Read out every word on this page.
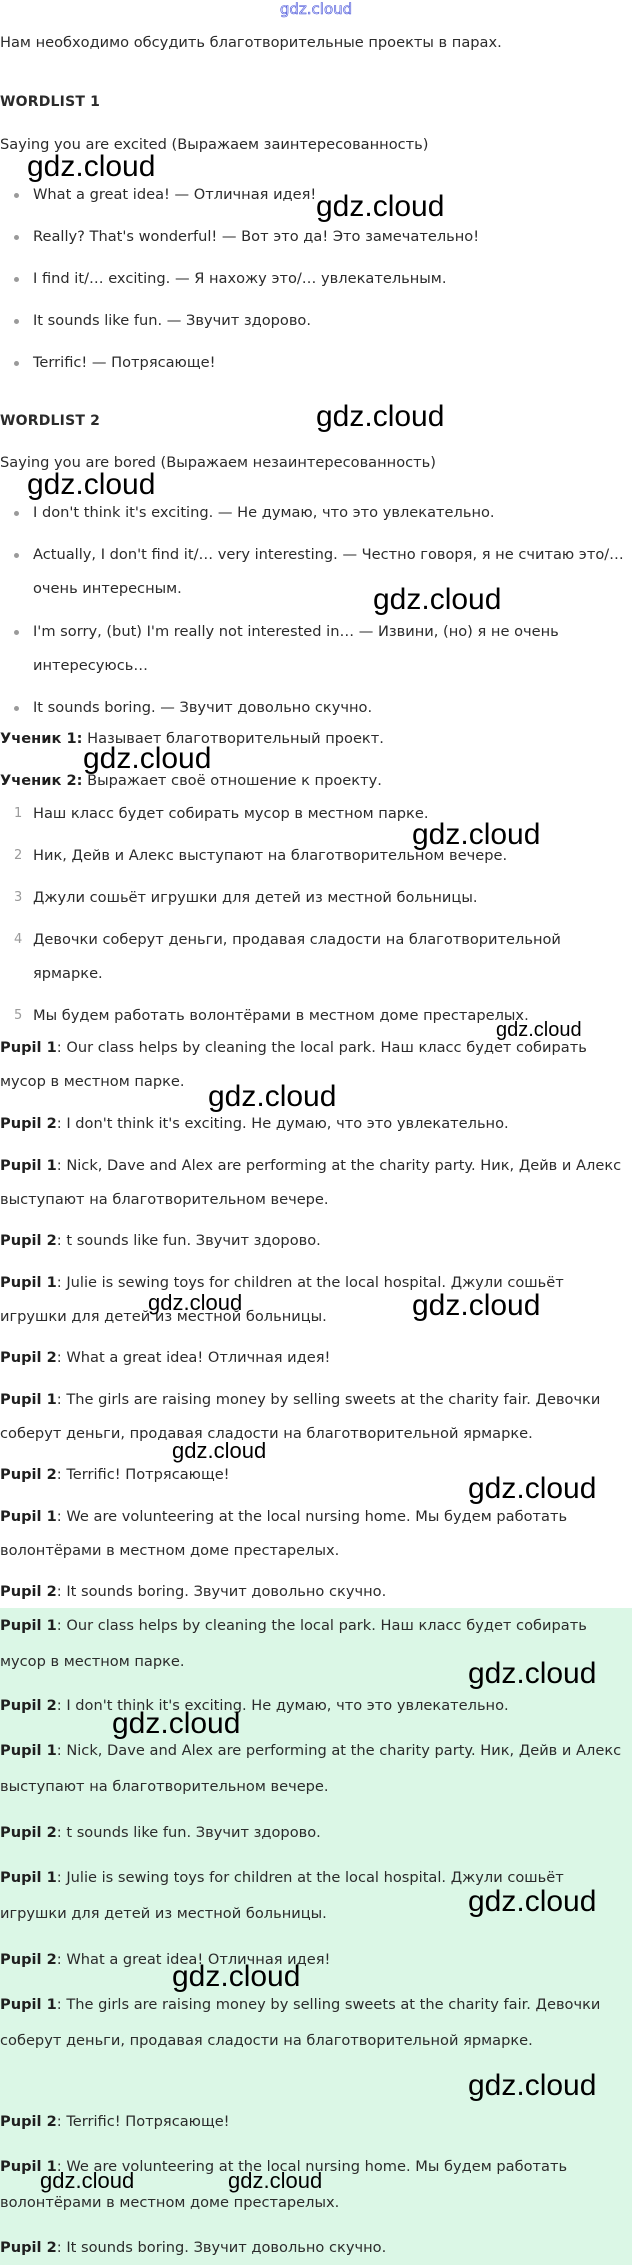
gdz.cloud

Нам необходимо обсудить благотворительные проекты в парах.

WORDLIST 1

Saying you are excited (Выражаем заинтересованность)

What a great idea! — Отличная идея!

Really? That's wonderful! — Вот это да! Это замечательно!

I find it/… exciting. — Я нахожу это/… увлекательным.

It sounds like fun. — Звучит здорово.

Terrific! — Потрясающе!

WORDLIST 2

Saying you are bored (Выражаем незаинтересованность)

I don't think it's exciting. — Не думаю, что это увлекательно.

Actually, I don't find it/… very interesting. — Честно говоря, я не считаю это/… очень интересным.

I'm sorry, (but) I'm really not interested in… — Извини, (но) я не очень интересуюсь…

It sounds boring. — Звучит довольно скучно.

Ученик 1: Называет благотворительный проект.

Ученик 2: Выражает своё отношение к проекту.

1 Наш класс будет собирать мусор в местном парке.

2 Ник, Дейв и Алекс выступают на благотворительном вечере.

3 Джули сошьёт игрушки для детей из местной больницы.

4 Девочки соберут деньги, продавая сладости на благотворительной ярмарке.

5 Мы будем работать волонтёрами в местном доме престарелых.

Pupil 1: Our class helps by cleaning the local park. Наш класс будет собирать мусор в местном парке.

Pupil 2: I don't think it's exciting. Не думаю, что это увлекательно.

Pupil 1: Nick, Dave and Alex are performing at the charity party. Ник, Дейв и Алекс выступают на благотворительном вечере.

Pupil 2: t sounds like fun. Звучит здорово.

Pupil 1: Julie is sewing toys for children at the local hospital. Джули сошьёт игрушки для детей из местной больницы.

Pupil 2: What a great idea! Отличная идея!

Pupil 1: The girls are raising money by selling sweets at the charity fair. Девочки соберут деньги, продавая сладости на благотворительной ярмарке.

Pupil 2: Terrific! Потрясающе!

Pupil 1: We are volunteering at the local nursing home. Мы будем работать волонтёрами в местном доме престарелых.

Pupil 2: It sounds boring. Звучит довольно скучно.

Pupil 1: Our class helps by cleaning the local park. Наш класс будет собирать мусор в местном парке.

Pupil 2: I don't think it's exciting. Не думаю, что это увлекательно.

Pupil 1: Nick, Dave and Alex are performing at the charity party. Ник, Дейв и Алекс выступают на благотворительном вечере.

Pupil 2: t sounds like fun. Звучит здорово.

Pupil 1: Julie is sewing toys for children at the local hospital. Джули сошьёт игрушки для детей из местной больницы.

Pupil 2: What a great idea! Отличная идея!

Pupil 1: The girls are raising money by selling sweets at the charity fair. Девочки соберут деньги, продавая сладости на благотворительной ярмарке.

Pupil 2: Terrific! Потрясающе!

Pupil 1: We are volunteering at the local nursing home. Мы будем работать волонтёрами в местном доме престарелых.

Pupil 2: It sounds boring. Звучит довольно скучно.

gdz.cloud
gdz.cloud
gdz.cloud
gdz.cloud
gdz.cloud
gdz.cloud
gdz.cloud
gdz.cloud
gdz.cloud
gdz.cloud
gdz.cloud
gdz.cloud
gdz.cloud
gdz.cloud
gdz.cloud
gdz.cloud
gdz.cloud
gdz.cloud
gdz.cloud	gdz.cloud
